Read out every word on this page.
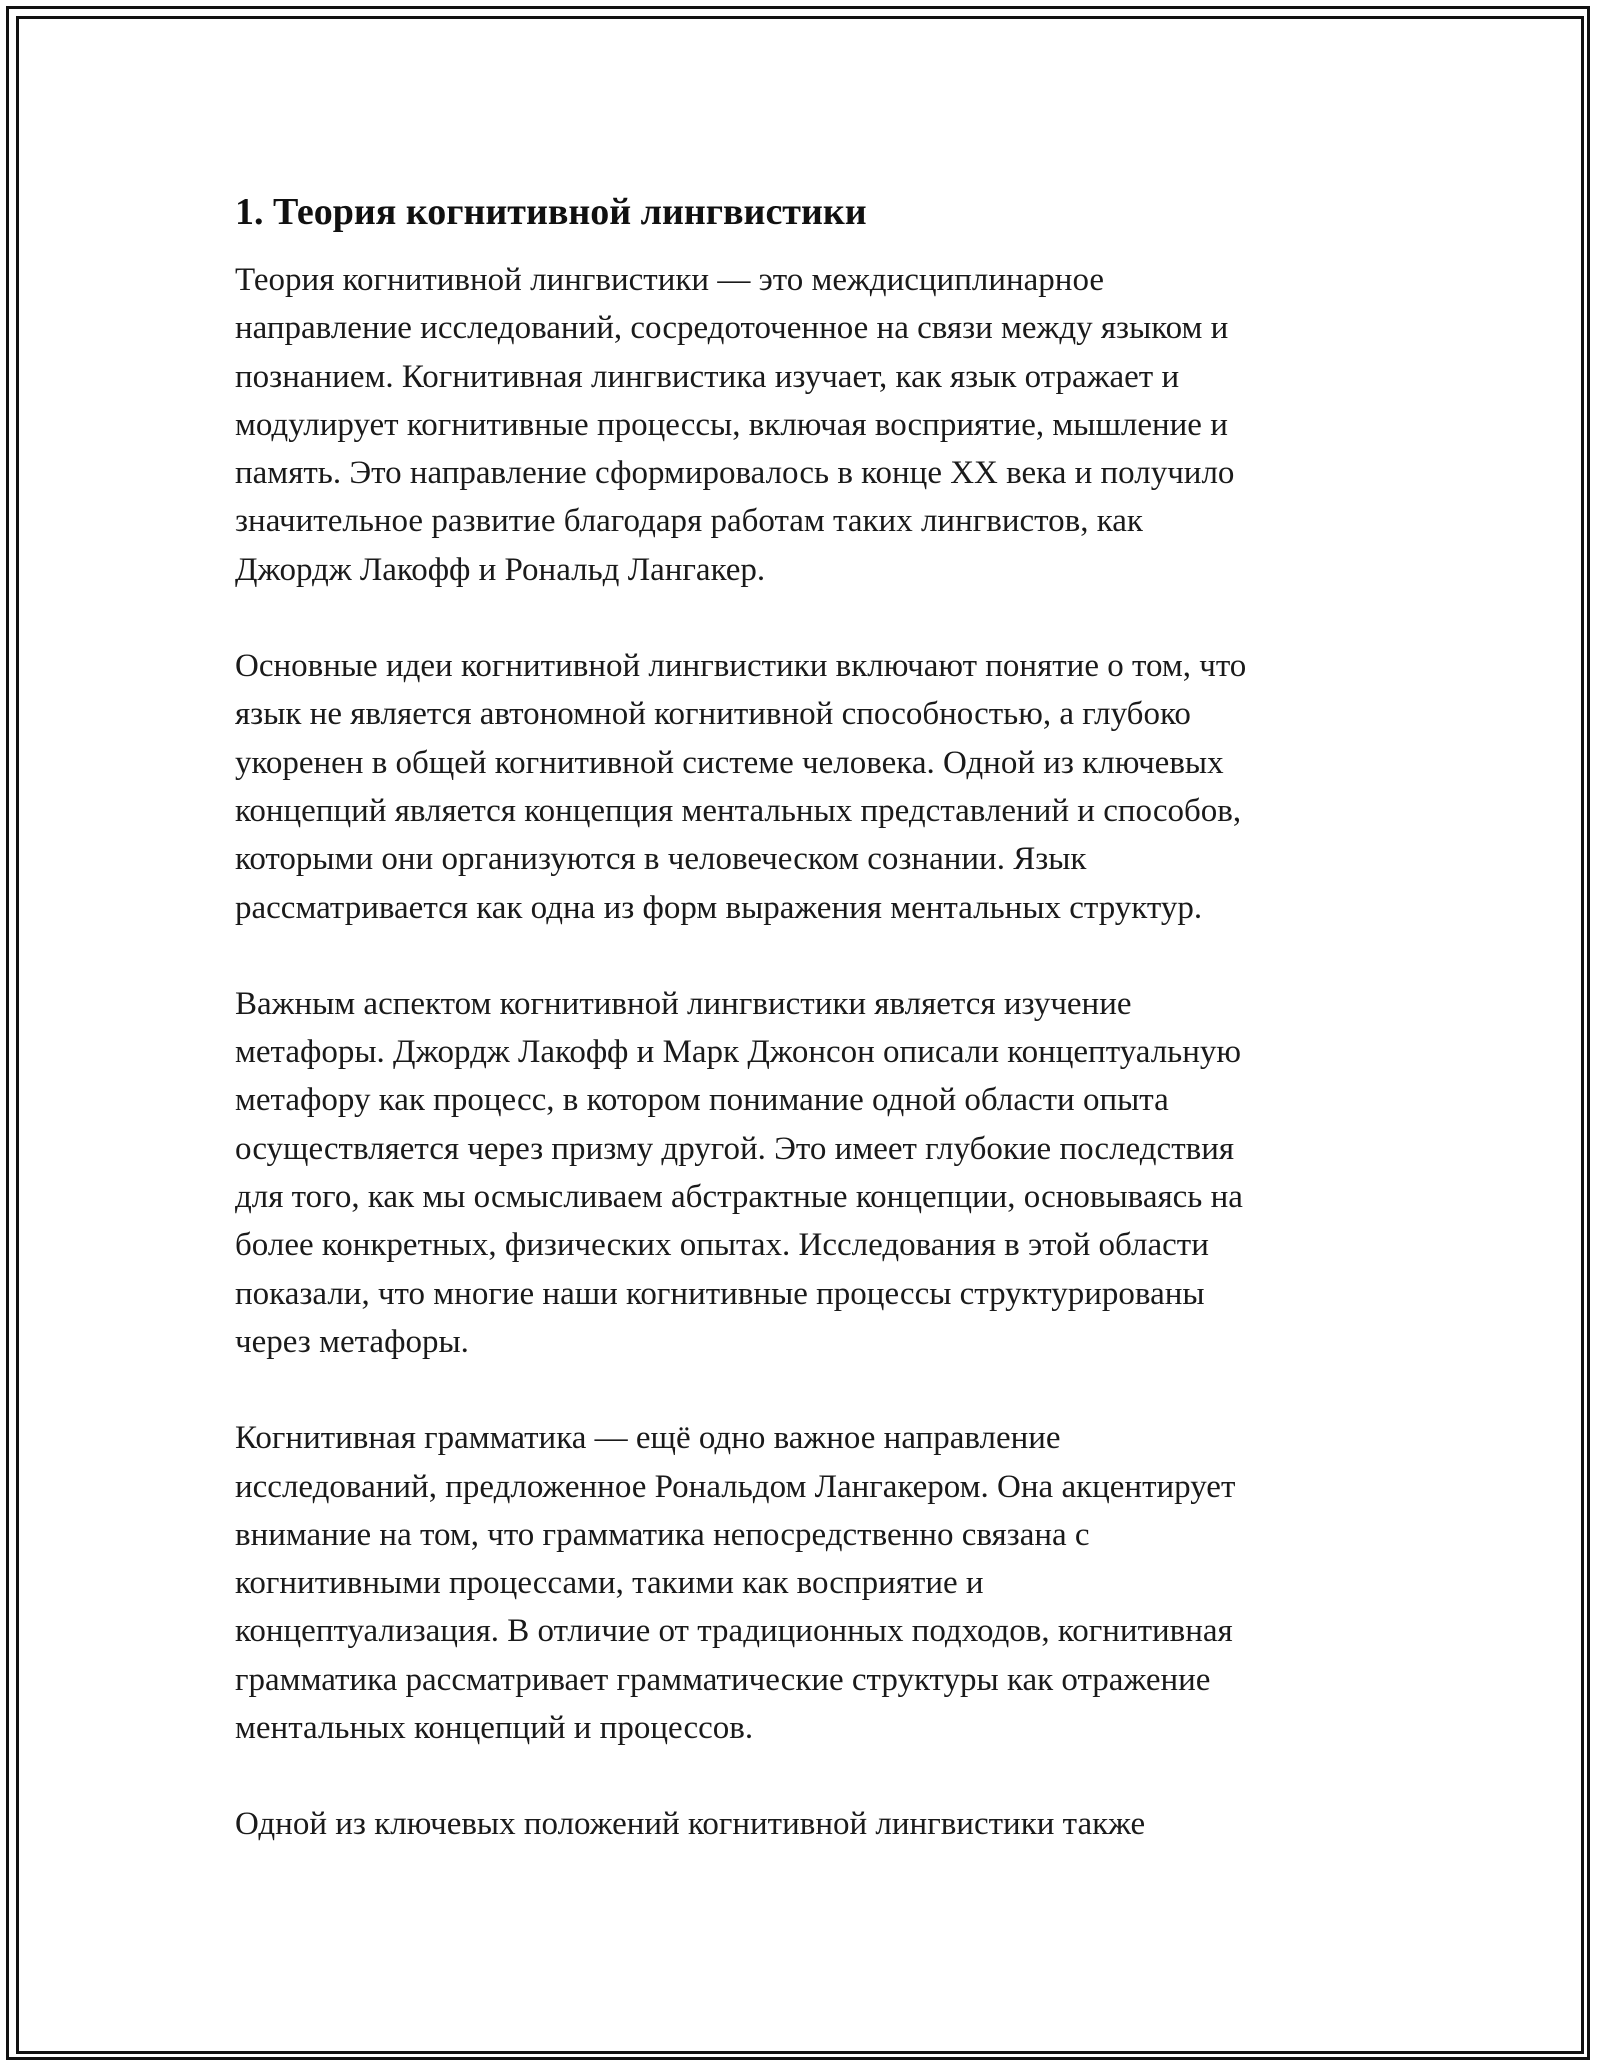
1. Теория когнитивной лингвистики

Теория когнитивной лингвистики — это междисциплинарное
направление исследований, сосредоточенное на связи между языком и
познанием. Когнитивная лингвистика изучает, как язык отражает и
модулирует когнитивные процессы, включая восприятие, мышление и
память. Это направление сформировалось в конце XX века и получило
значительное развитие благодаря работам таких лингвистов, как
Джордж Лакофф и Рональд Лангакер.

Основные идеи когнитивной лингвистики включают понятие о том, что
язык не является автономной когнитивной способностью, а глубоко
укоренен в общей когнитивной системе человека. Одной из ключевых
концепций является концепция ментальных представлений и способов,
которыми они организуются в человеческом сознании. Язык
рассматривается как одна из форм выражения ментальных структур.

Важным аспектом когнитивной лингвистики является изучение
метафоры. Джордж Лакофф и Марк Джонсон описали концептуальную
метафору как процесс, в котором понимание одной области опыта
осуществляется через призму другой. Это имеет глубокие последствия
для того, как мы осмысливаем абстрактные концепции, основываясь на
более конкретных, физических опытах. Исследования в этой области
показали, что многие наши когнитивные процессы структурированы
через метафоры.

Когнитивная грамматика — ещё одно важное направление
исследований, предложенное Рональдом Лангакером. Она акцентирует
внимание на том, что грамматика непосредственно связана с
когнитивными процессами, такими как восприятие и
концептуализация. В отличие от традиционных подходов, когнитивная
грамматика рассматривает грамматические структуры как отражение
ментальных концепций и процессов.

Одной из ключевых положений когнитивной лингвистики также
